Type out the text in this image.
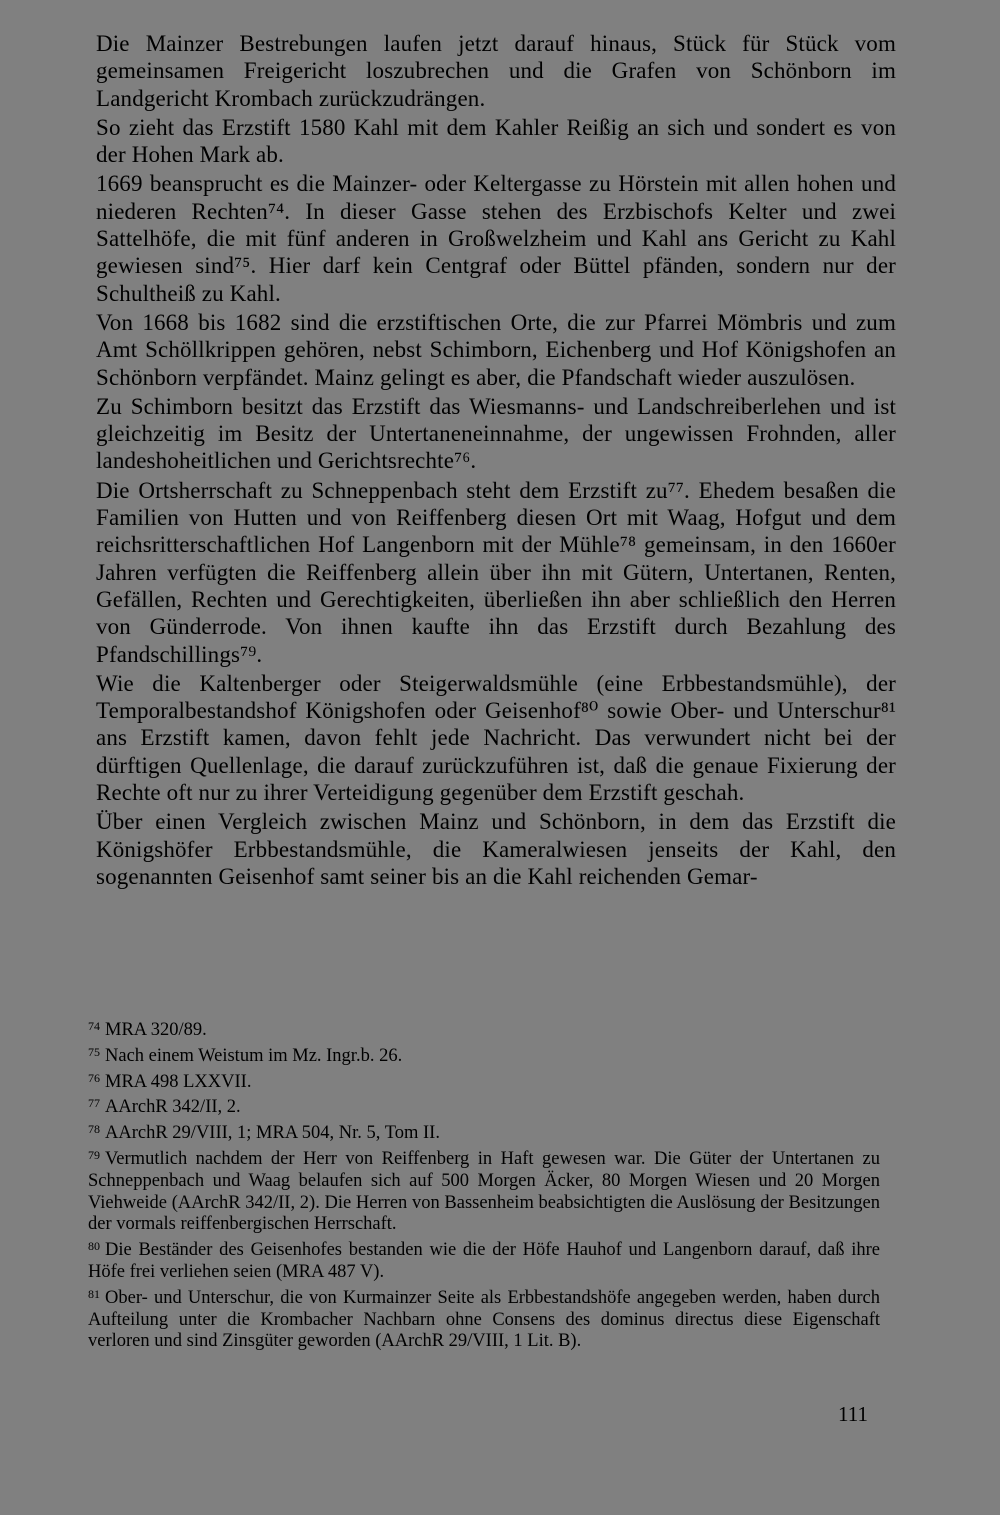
Die Mainzer Bestrebungen laufen jetzt darauf hinaus, Stück für Stück vom gemeinsamen Freigericht loszubrechen und die Grafen von Schönborn im Landgericht Krombach zurückzudrängen.

So zieht das Erzstift 1580 Kahl mit dem Kahler Reißig an sich und sondert es von der Hohen Mark ab.

1669 beansprucht es die Mainzer- oder Keltergasse zu Hörstein mit allen hohen und niederen Rechten⁷⁴. In dieser Gasse stehen des Erzbischofs Kelter und zwei Sattelhöfe, die mit fünf anderen in Großwelzheim und Kahl ans Gericht zu Kahl gewiesen sind⁷⁵. Hier darf kein Centgraf oder Büttel pfänden, sondern nur der Schultheiß zu Kahl.

Von 1668 bis 1682 sind die erzstiftischen Orte, die zur Pfarrei Mömbris und zum Amt Schöllkrippen gehören, nebst Schimborn, Eichenberg und Hof Königshofen an Schönborn verpfändet. Mainz gelingt es aber, die Pfandschaft wieder auszulösen.

Zu Schimborn besitzt das Erzstift das Wiesmanns- und Landschreiberlehen und ist gleichzeitig im Besitz der Untertaneneinnahme, der ungewissen Frohnden, aller landeshoheitlichen und Gerichtsrechte⁷⁶.

Die Ortsherrschaft zu Schneppenbach steht dem Erzstift zu⁷⁷. Ehedem besaßen die Familien von Hutten und von Reiffenberg diesen Ort mit Waag, Hofgut und dem reichsritterschaftlichen Hof Langenborn mit der Mühle⁷⁸ gemeinsam, in den 1660er Jahren verfügten die Reiffenberg allein über ihn mit Gütern, Untertanen, Renten, Gefällen, Rechten und Gerechtigkeiten, überließen ihn aber schließlich den Herren von Günderrode. Von ihnen kaufte ihn das Erzstift durch Bezahlung des Pfandschillings⁷⁹.

Wie die Kaltenberger oder Steigerwaldsmühle (eine Erbbestandsmühle), der Temporalbestandshof Königshofen oder Geisenhof⁸⁰ sowie Ober- und Unterschur⁸¹ ans Erzstift kamen, davon fehlt jede Nachricht. Das verwundert nicht bei der dürftigen Quellenlage, die darauf zurückzuführen ist, daß die genaue Fixierung der Rechte oft nur zu ihrer Verteidigung gegenüber dem Erzstift geschah.

Über einen Vergleich zwischen Mainz und Schönborn, in dem das Erzstift die Königshöfer Erbbestandsmühle, die Kameralwiesen jenseits der Kahl, den sogenannten Geisenhof samt seiner bis an die Kahl reichenden Gemar-

$^{74}$ MRA 320/89.

$^{75}$ Nach einem Weistum im Mz. Ingr.b. 26.

$^{76}$ MRA 498 LXXVII.

$^{77}$ AArchR 342/II, 2.

$^{78}$ AArchR 29/VIII, 1; MRA 504, Nr. 5, Tom II.

$^{79}$ Vermutlich nachdem der Herr von Reiffenberg in Haft gewesen war. Die Güter der Untertanen zu Schneppenbach und Waag belaufen sich auf 500 Morgen Äcker, 80 Morgen Wiesen und 20 Morgen Viehweide (AArchR 342/II, 2). Die Herren von Bassenheim beabsichtigten die Auslösung der Besitzungen der vormals reiffenbergischen Herrschaft.

$^{80}$ Die Beständer des Geisenhofes bestanden wie die der Höfe Hauhof und Langenborn darauf, daß ihre Höfe frei verliehen seien (MRA 487 V).

$^{81}$ Ober- und Unterschur, die von Kurmainzer Seite als Erbbestandshöfe angegeben werden, haben durch Aufteilung unter die Krombacher Nachbarn ohne Consens des dominus directus diese Eigenschaft verloren und sind Zinsgüter geworden (AArchR 29/VIII, 1 Lit. B).

111
